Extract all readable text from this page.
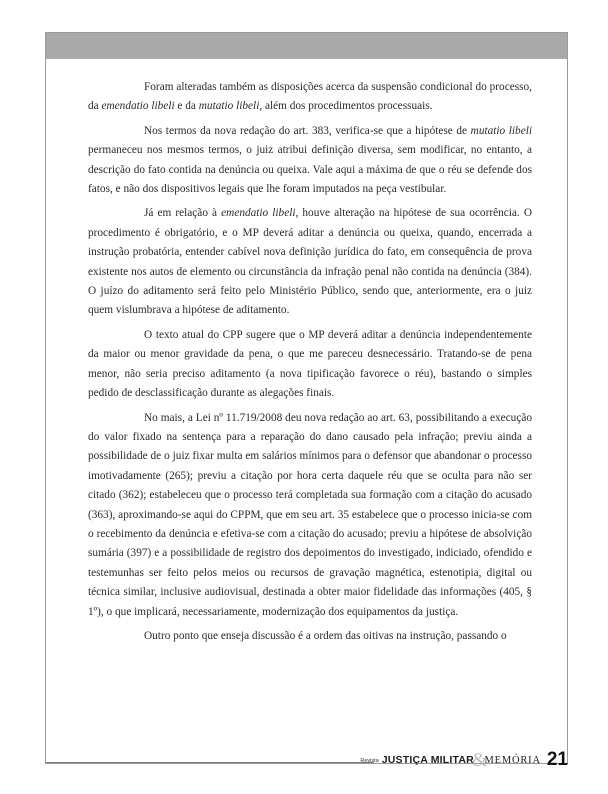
Foram alteradas também as disposições acerca da suspensão condicional do processo, da emendatio libeli e da mutatio libeli, além dos procedimentos processuais.

Nos termos da nova redação do art. 383, verifica-se que a hipótese de mutatio libeli permaneceu nos mesmos termos, o juiz atribui definição diversa, sem modificar, no entanto, a descrição do fato contida na denúncia ou queixa. Vale aqui a máxima de que o réu se defende dos fatos, e não dos dispositivos legais que lhe foram imputados na peça vestibular.

Já em relação à emendatio libeli, houve alteração na hipótese de sua ocorrência. O procedimento é obrigatório, e o MP deverá aditar a denúncia ou queixa, quando, encerrada a instrução probatória, entender cabível nova definição jurídica do fato, em consequência de prova existente nos autos de elemento ou circunstância da infração penal não contida na denúncia (384). O juízo do aditamento será feito pelo Ministério Público, sendo que, anteriormente, era o juiz quem vislumbrava a hipótese de aditamento.

O texto atual do CPP sugere que o MP deverá aditar a denúncia independentemente da maior ou menor gravidade da pena, o que me pareceu desnecessário. Tratando-se de pena menor, não seria preciso aditamento (a nova tipificação favorece o réu), bastando o simples pedido de desclassificação durante as alegações finais.

No mais, a Lei nº 11.719/2008 deu nova redação ao art. 63, possibilitando a execução do valor fixado na sentença para a reparação do dano causado pela infração; previu ainda a possibilidade de o juiz fixar multa em salários mínimos para o defensor que abandonar o processo imotivadamente (265); previu a citação por hora certa daquele réu que se oculta para não ser citado (362); estabeleceu que o processo terá completada sua formação com a citação do acusado (363), aproximando-se aqui do CPPM, que em seu art. 35 estabelece que o processo inicia-se com o recebimento da denúncia e efetiva-se com a citação do acusado; previu a hipótese de absolvição sumária (397) e a possibilidade de registro dos depoimentos do investigado, indiciado, ofendido e testemunhas ser feito pelos meios ou recursos de gravação magnética, estenotipia, digital ou técnica similar, inclusive audiovisual, destinada a obter maior fidelidade das informações (405, § 1º), o que implicará, necessariamente, modernização dos equipamentos da justiça.

Outro ponto que enseja discussão é a ordem das oitivas na instrução, passando o

Revista JUSTIÇA MILITAR
&
MEMÓRIA 21
